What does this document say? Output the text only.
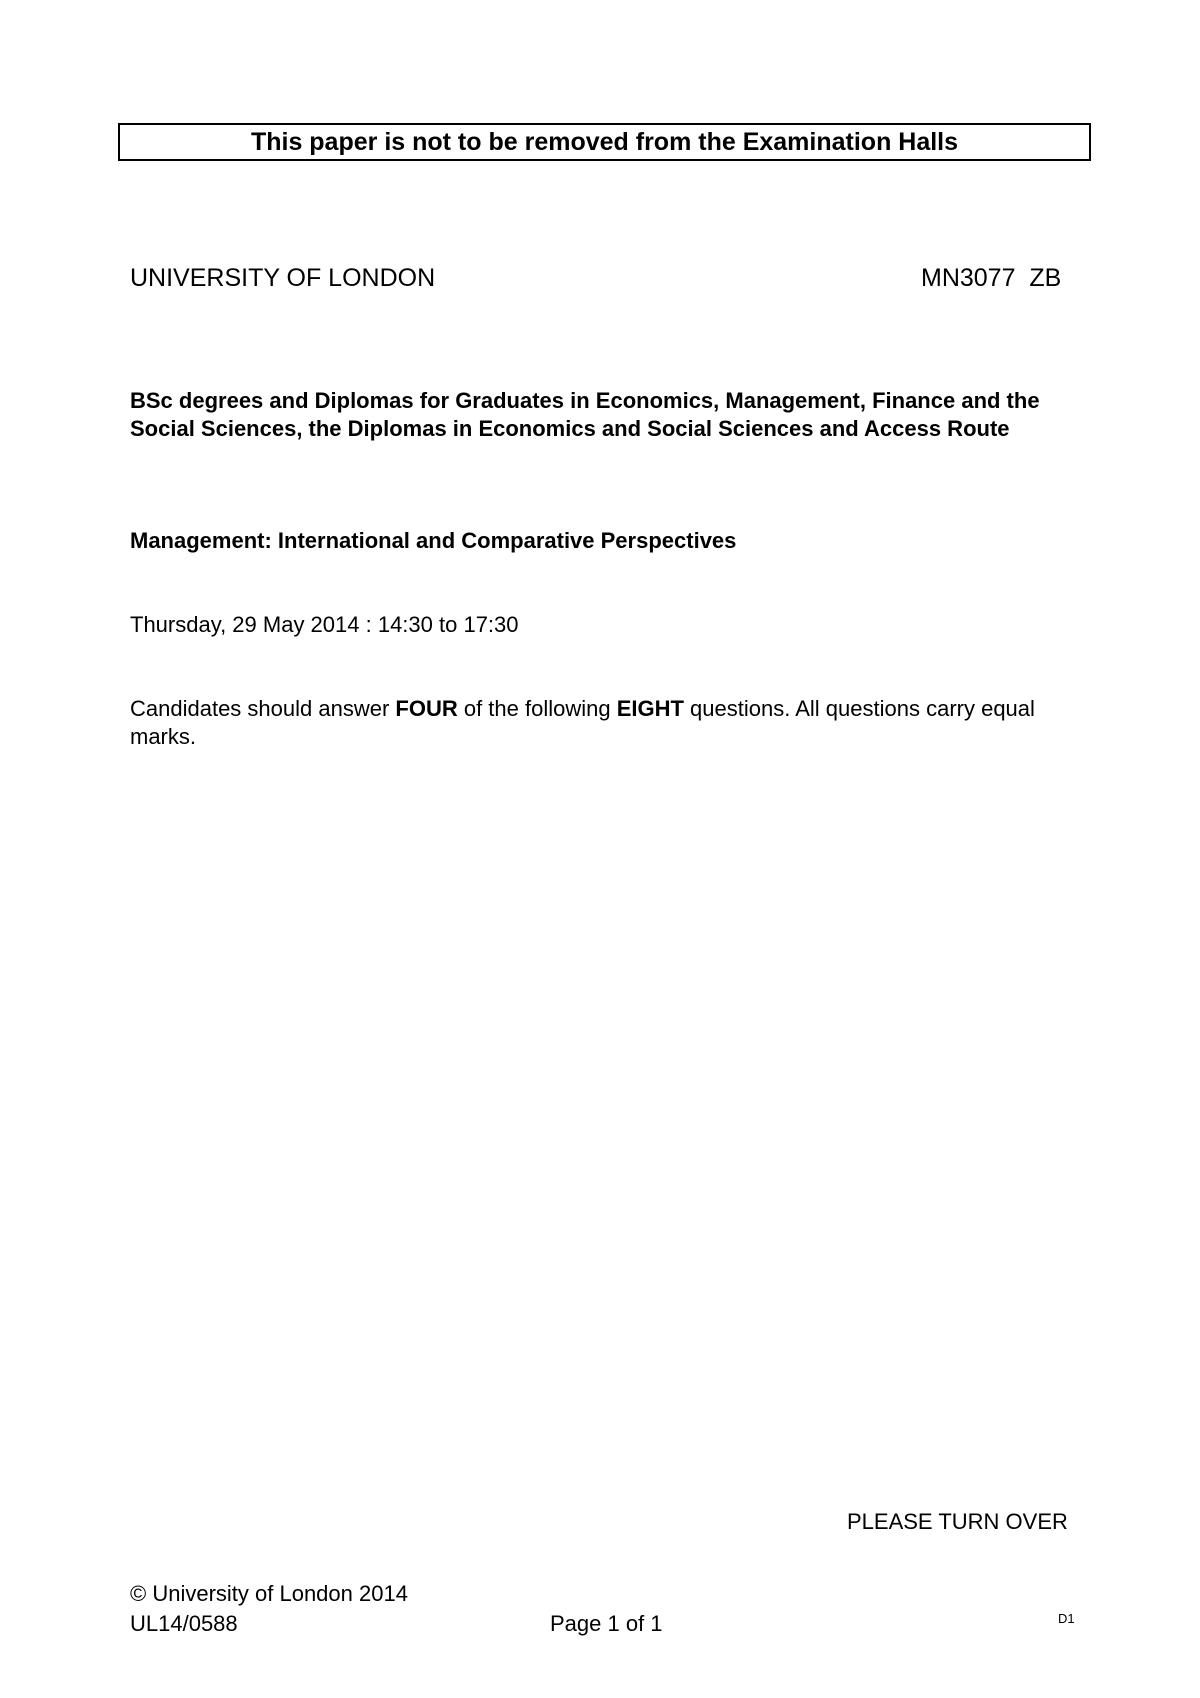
This paper is not to be removed from the Examination Halls
UNIVERSITY OF LONDON	MN3077  ZB
BSc degrees and Diplomas for Graduates in Economics, Management, Finance and the Social Sciences, the Diplomas in Economics and Social Sciences and Access Route
Management: International and Comparative Perspectives
Thursday, 29 May 2014 : 14:30 to 17:30
Candidates should answer FOUR of the following EIGHT questions. All questions carry equal marks.
PLEASE TURN OVER
© University of London 2014
UL14/0588	Page 1 of 1	D1
